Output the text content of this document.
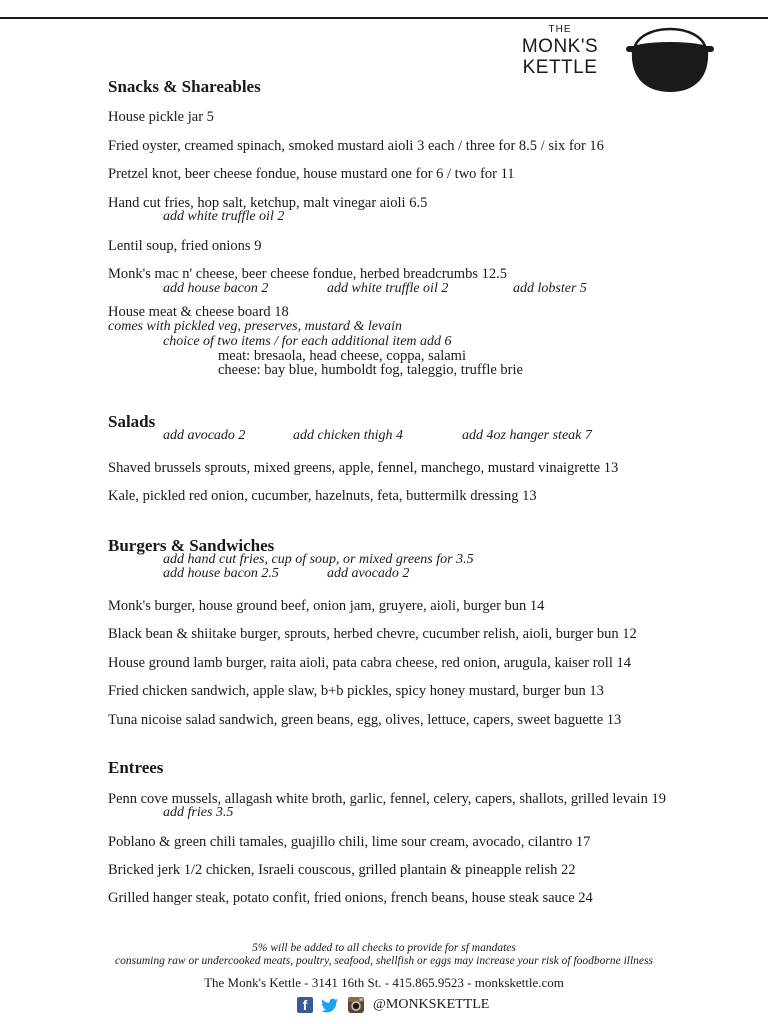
THE
MONK'S
KETTLE
Snacks & Shareables
House pickle jar 5
Fried oyster, creamed spinach, smoked mustard aioli 3 each / three for 8.5 / six for 16
Pretzel knot, beer cheese fondue, house mustard one for 6 / two for 11
Hand cut fries, hop salt, ketchup, malt vinegar aioli 6.5
add white truffle oil 2
Lentil soup, fried onions 9
Monk's mac n' cheese, beer cheese fondue, herbed breadcrumbs 12.5
add house bacon 2	add white truffle oil 2	add lobster 5
House meat & cheese board 18
comes with pickled veg, preserves, mustard & levain
choice of two items / for each additional item add 6
meat: bresaola, head cheese, coppa, salami
cheese: bay blue, humboldt fog, taleggio, truffle brie
Salads
add avocado 2	add chicken thigh 4	add 4oz hanger steak 7
Shaved brussels sprouts, mixed greens, apple, fennel, manchego, mustard vinaigrette 13
Kale, pickled red onion, cucumber, hazelnuts, feta, buttermilk dressing 13
Burgers & Sandwiches
add hand cut fries, cup of soup, or mixed greens for 3.5
add house bacon 2.5	add avocado 2
Monk's burger, house ground beef, onion jam, gruyere, aioli, burger bun 14
Black bean & shiitake burger, sprouts, herbed chevre, cucumber relish, aioli, burger bun 12
House ground lamb burger, raita aioli, pata cabra cheese, red onion, arugula, kaiser roll 14
Fried chicken sandwich, apple slaw, b+b pickles, spicy honey mustard, burger bun 13
Tuna nicoise salad sandwich, green beans, egg, olives, lettuce, capers, sweet baguette 13
Entrees
Penn cove mussels, allagash white broth, garlic, fennel, celery, capers, shallots, grilled levain 19
add fries 3.5
Poblano & green chili tamales, guajillo chili, lime sour cream, avocado, cilantro 17
Bricked jerk 1/2 chicken, Israeli couscous, grilled plantain & pineapple relish 22
Grilled hanger steak, potato confit, fried onions, french beans, house steak sauce 24
5% will be added to all checks to provide for sf mandates
consuming raw or undercooked meats, poultry, seafood, shellfish or eggs may increase your risk of foodborne illness
The Monk's Kettle - 3141 16th St. - 415.865.9523 - monkskettle.com
f	@MONKSKETTLE
